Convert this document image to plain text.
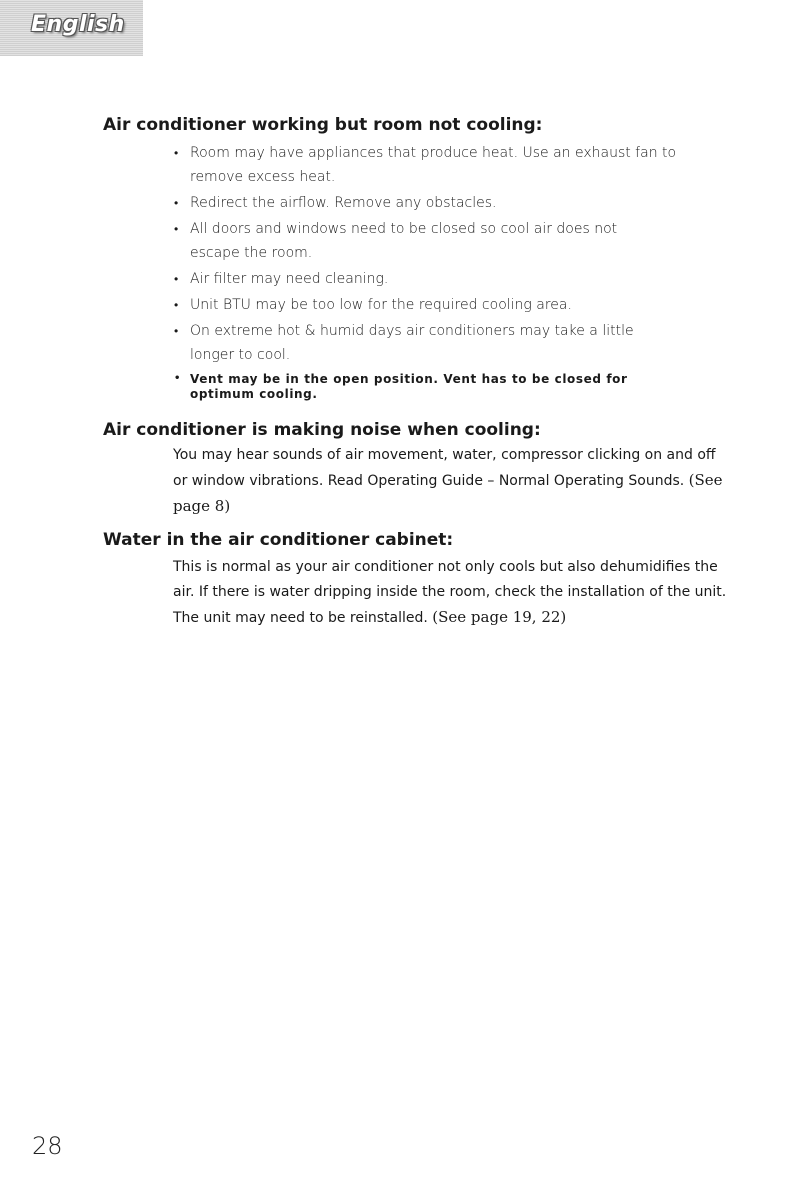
English
Air conditioner working but room not cooling:
• Room may have appliances that produce heat. Use an exhaust fan to remove excess heat.
• Redirect the airflow. Remove any obstacles.
• All doors and windows need to be closed so cool air does not escape the room.
• Air filter may need cleaning.
• Unit BTU may be too low for the required cooling area.
• On extreme hot & humid days air conditioners may take a little longer to cool.
• Vent may be in the open position. Vent has to be closed for optimum cooling.
Air conditioner is making noise when cooling:

You may hear sounds of air movement, water, compressor clicking on and off or window vibrations. Read Operating Guide – Normal Operating Sounds. (See page 8)

Water in the air conditioner cabinet:

This is normal as your air conditioner not only cools but also dehumidifies the air. If there is water dripping inside the room, check the installation of the unit. The unit may need to be reinstalled. (See page 19, 22)

28
